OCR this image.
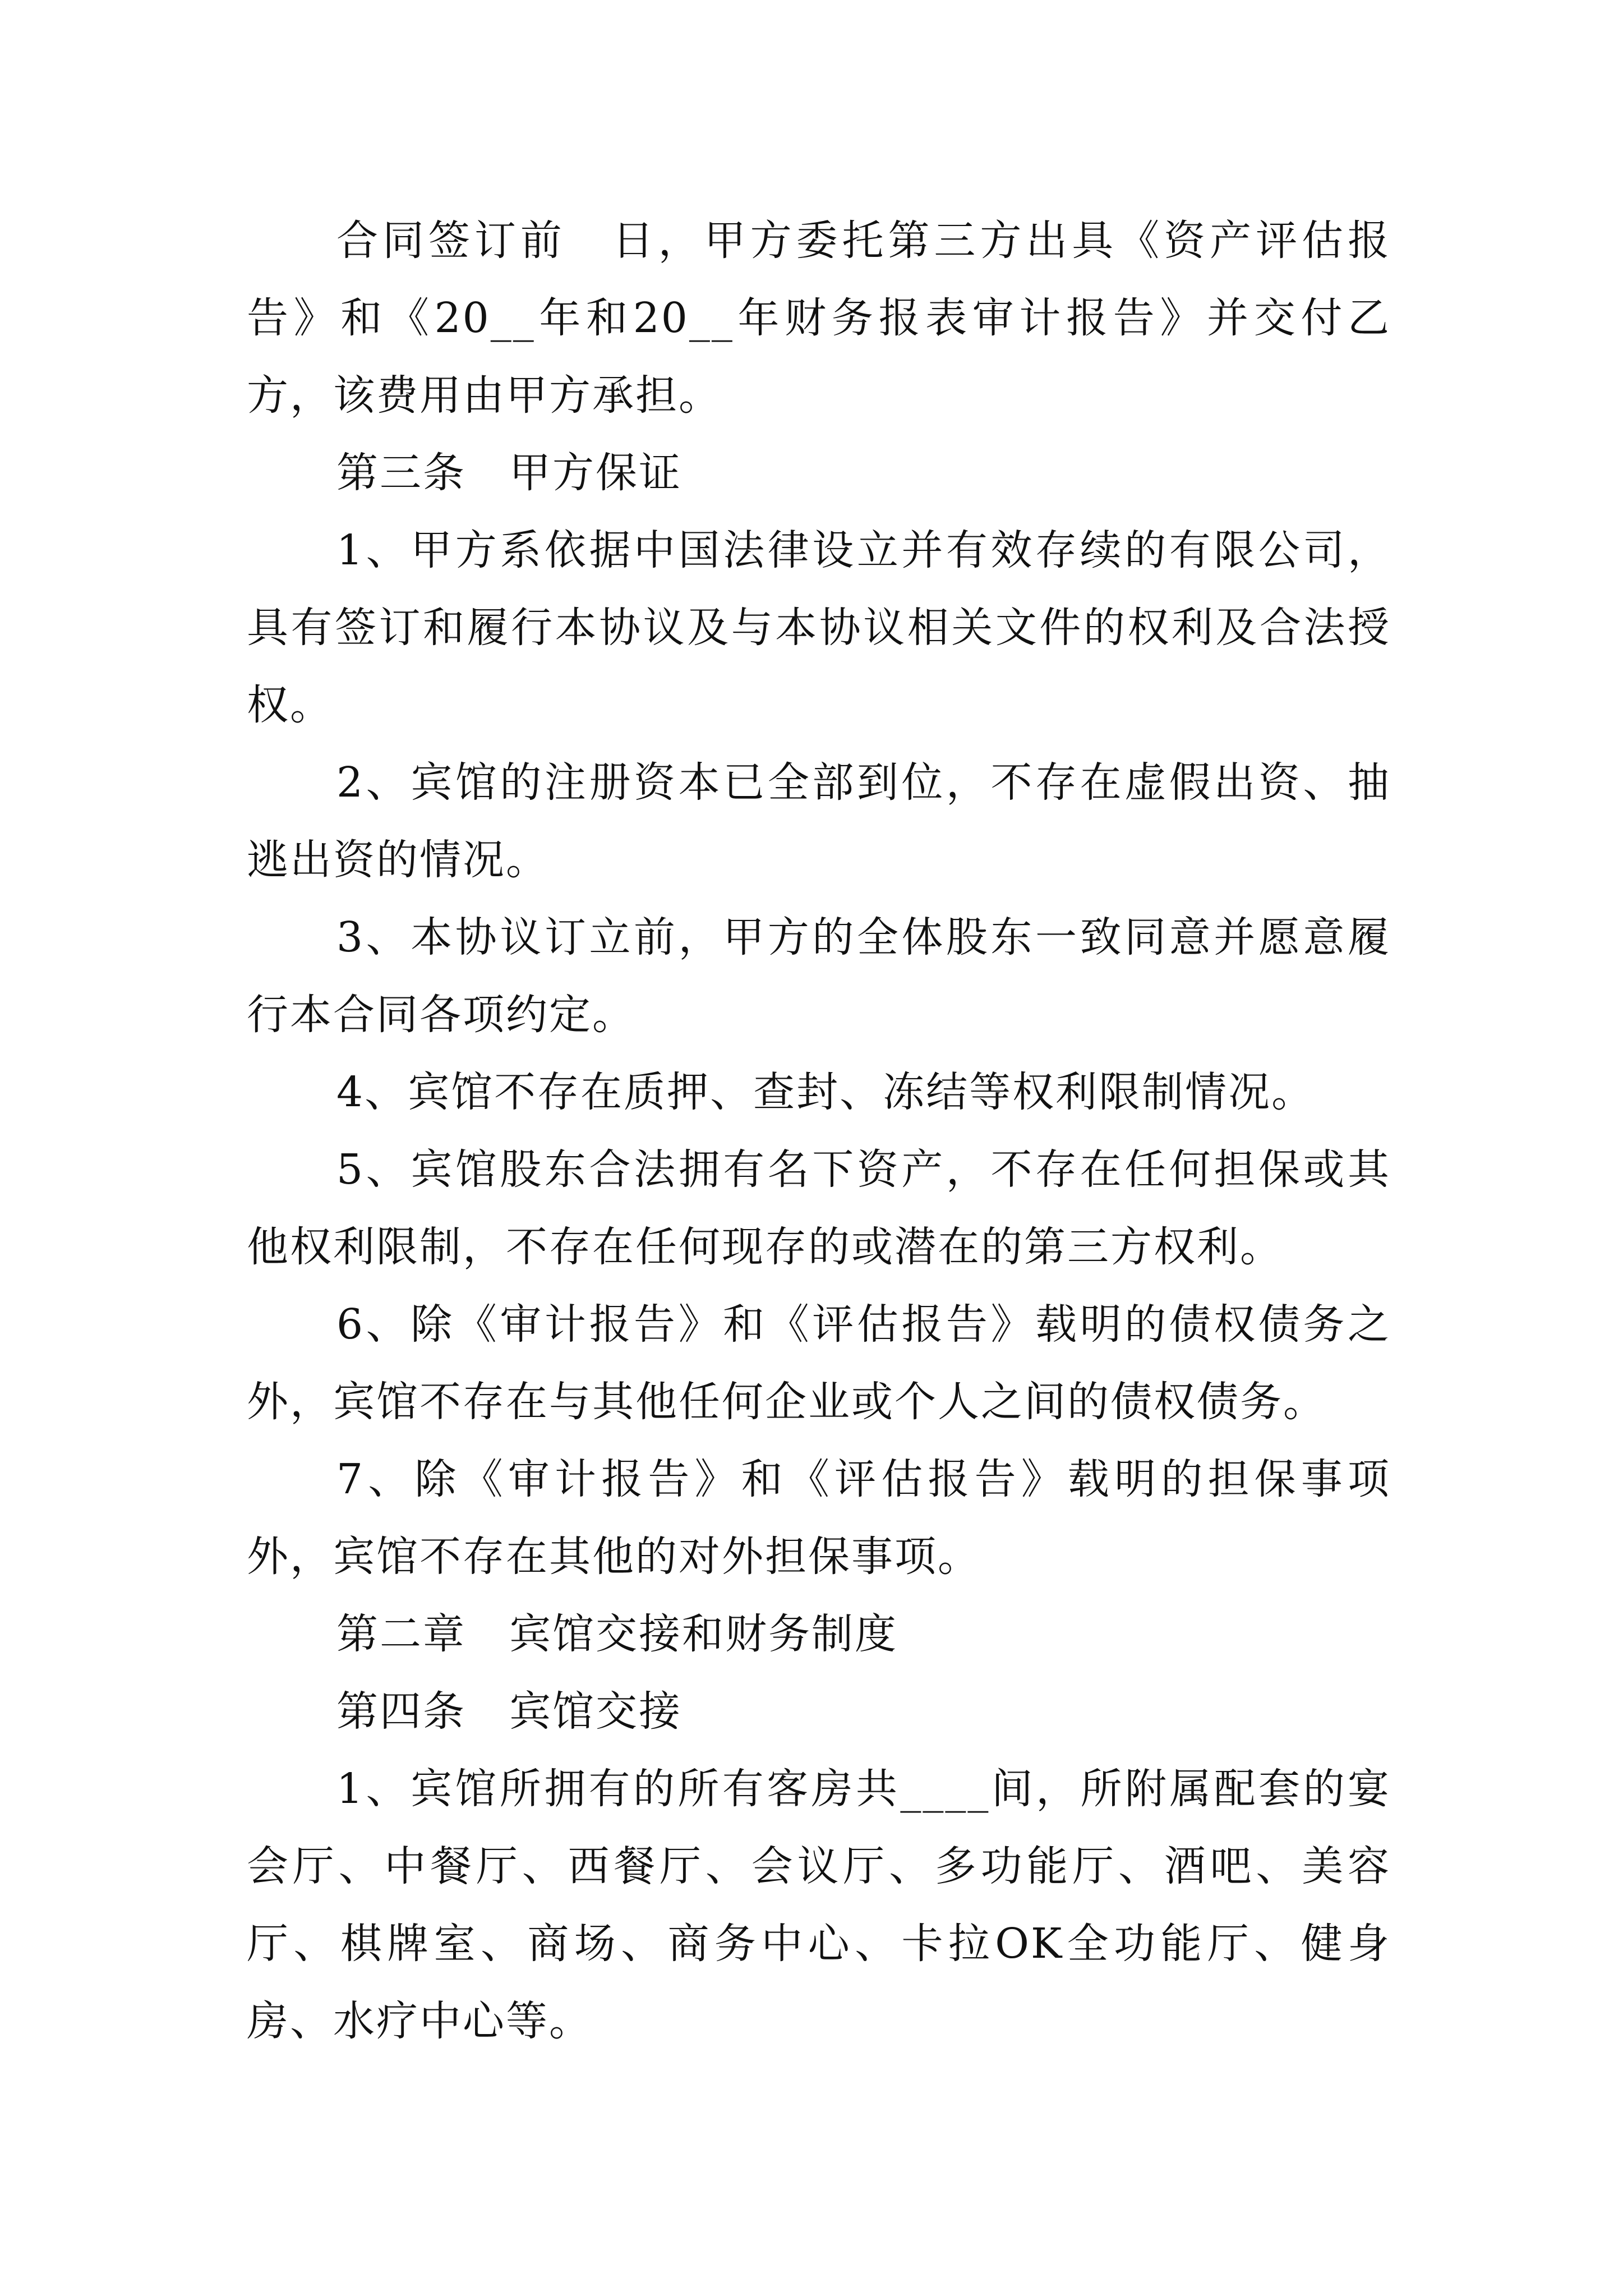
合同签订前　日，甲方委托第三方出具《资产评估报告》和《20__年和20__年财务报表审计报告》并交付乙方，该费用由甲方承担。

第三条　甲方保证

1、甲方系依据中国法律设立并有效存续的有限公司，具有签订和履行本协议及与本协议相关文件的权利及合法授权。

2、宾馆的注册资本已全部到位，不存在虚假出资、抽逃出资的情况。

3、本协议订立前，甲方的全体股东一致同意并愿意履行本合同各项约定。

4、宾馆不存在质押、查封、冻结等权利限制情况。

5、宾馆股东合法拥有名下资产，不存在任何担保或其他权利限制，不存在任何现存的或潜在的第三方权利。

6、除《审计报告》和《评估报告》载明的债权债务之外，宾馆不存在与其他任何企业或个人之间的债权债务。

7、除《审计报告》和《评估报告》载明的担保事项外，宾馆不存在其他的对外担保事项。

第二章　宾馆交接和财务制度

第四条　宾馆交接

1、宾馆所拥有的所有客房共____间，所附属配套的宴会厅、中餐厅、西餐厅、会议厅、多功能厅、酒吧、美容厅、棋牌室、商场、商务中心、卡拉OK全功能厅、健身房、水疗中心等。
